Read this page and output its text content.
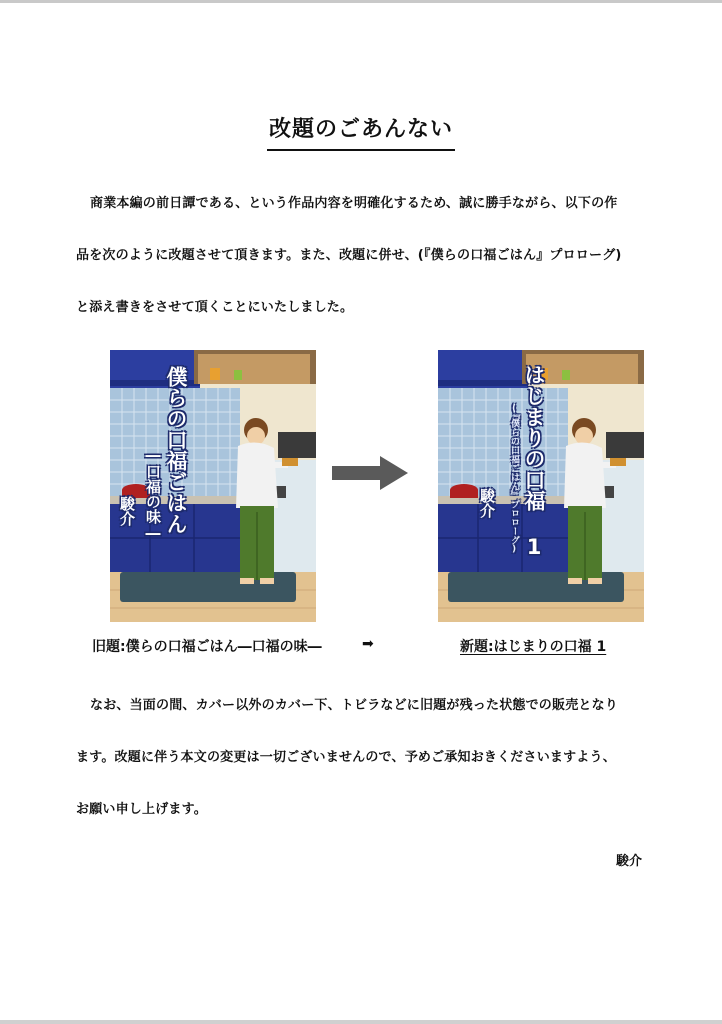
改題のごあんない
商業本編の前日譚である、という作品内容を明確化するため、誠に勝手ながら、以下の作
品を次のように改題させて頂きます。また、改題に併せ、(『僕らの口福ごはん』プロローグ)
と添え書きをさせて頂くことにいたしました。
僕らの口福ごはん
―口福の味―
駿介	はじまりの口福 1
(『僕らの口福ごはん』プロローグ)
駿介
旧題:僕らの口福ごはん―口福の味―	➡	新題:はじまりの口福 1
なお、当面の間、カバー以外のカバー下、トビラなどに旧題が残った状態での販売となり
ます。改題に伴う本文の変更は一切ございませんので、予めご承知おきくださいますよう、
お願い申し上げます。
駿介
